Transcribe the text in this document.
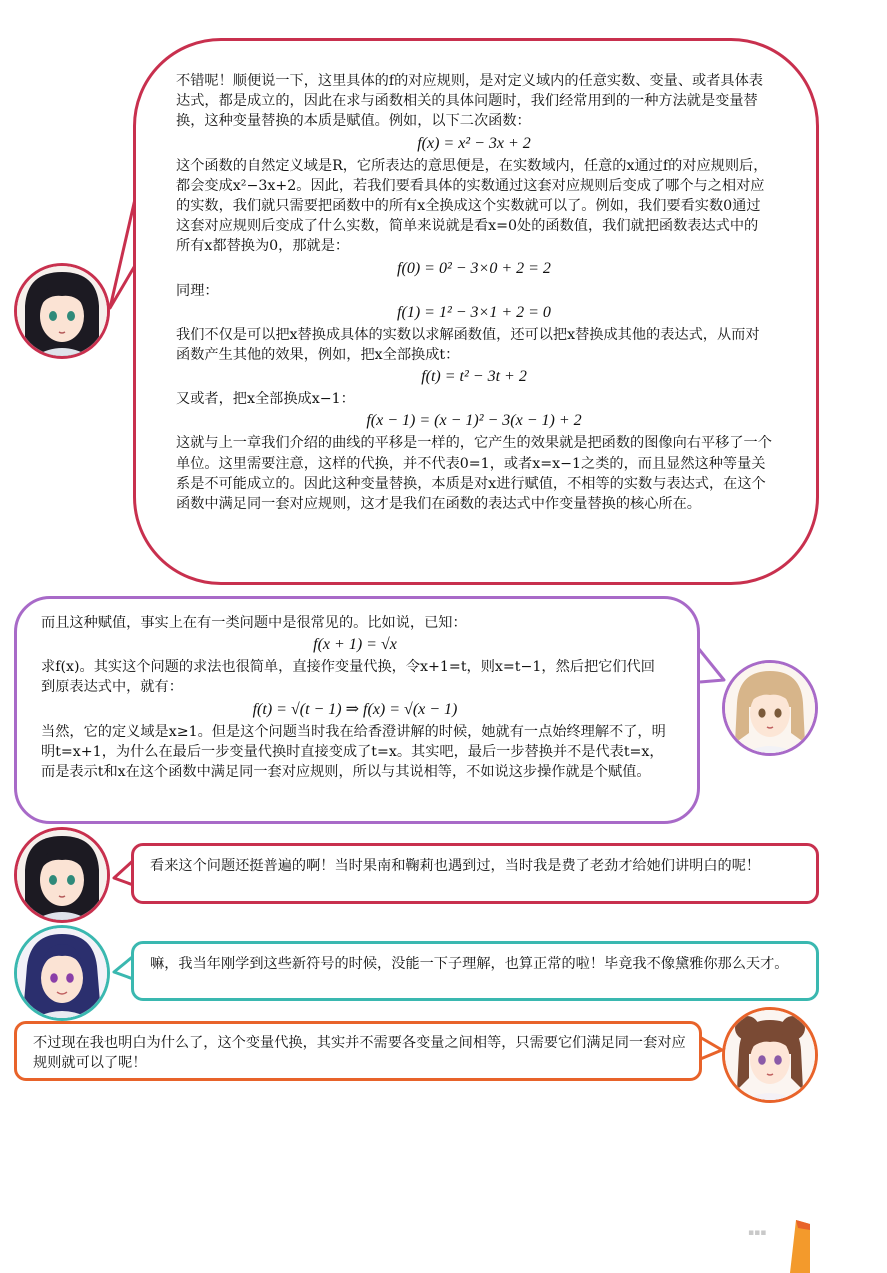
不错呢！顺便说一下，这里具体的f的对应规则，是对定义域内的任意实数、变量、或者具体表达式，都是成立的，因此在求与函数相关的具体问题时，我们经常用到的一种方法就是变量替换，这种变量替换的本质是赋值。例如，以下二次函数：

f(x) = x² − 3x + 2

这个函数的自然定义域是R，它所表达的意思便是，在实数域内，任意的x通过f的对应规则后，都会变成x²−3x+2。因此，若我们要看具体的实数通过这套对应规则后变成了哪个与之相对应的实数，我们就只需要把函数中的所有x全换成这个实数就可以了。例如，我们要看实数0通过这套对应规则后变成了什么实数，简单来说就是看x=0处的函数值，我们就把函数表达式中的所有x都替换为0，那就是：

f(0) = 0² − 3×0 + 2 = 2

同理：

f(1) = 1² − 3×1 + 2 = 0

我们不仅是可以把x替换成具体的实数以求解函数值，还可以把x替换成其他的表达式，从而对函数产生其他的效果，例如，把x全部换成t：

f(t) = t² − 3t + 2

又或者，把x全部换成x−1：

f(x − 1) = (x − 1)² − 3(x − 1) + 2

这就与上一章我们介绍的曲线的平移是一样的，它产生的效果就是把函数的图像向右平移了一个单位。这里需要注意，这样的代换，并不代表0=1，或者x=x−1之类的，而且显然这种等量关系是不可能成立的。因此这种变量替换，本质是对x进行赋值，不相等的实数与表达式，在这个函数中满足同一套对应规则，这才是我们在函数的表达式中作变量替换的核心所在。

而且这种赋值，事实上在有一类问题中是很常见的。比如说，已知：

f(x + 1) = √x

求f(x)。其实这个问题的求法也很简单，直接作变量代换，令x+1=t，则x=t−1，然后把它们代回到原表达式中，就有：

f(t) = √(t − 1) ⇒ f(x) = √(x − 1)

当然，它的定义域是x≥1。但是这个问题当时我在给香澄讲解的时候，她就有一点始终理解不了，明明t=x+1，为什么在最后一步变量代换时直接变成了t=x。其实吧，最后一步替换并不是代表t=x，而是表示t和x在这个函数中满足同一套对应规则，所以与其说相等，不如说这步操作就是个赋值。

看来这个问题还挺普遍的啊！当时果南和鞠莉也遇到过，当时我是费了老劲才给她们讲明白的呢！

嘛，我当年刚学到这些新符号的时候，没能一下子理解，也算正常的啦！毕竟我不像黛雅你那么天才。

不过现在我也明白为什么了，这个变量代换，其实并不需要各变量之间相等，只需要它们满足同一套对应规则就可以了呢！

▪▪▪
